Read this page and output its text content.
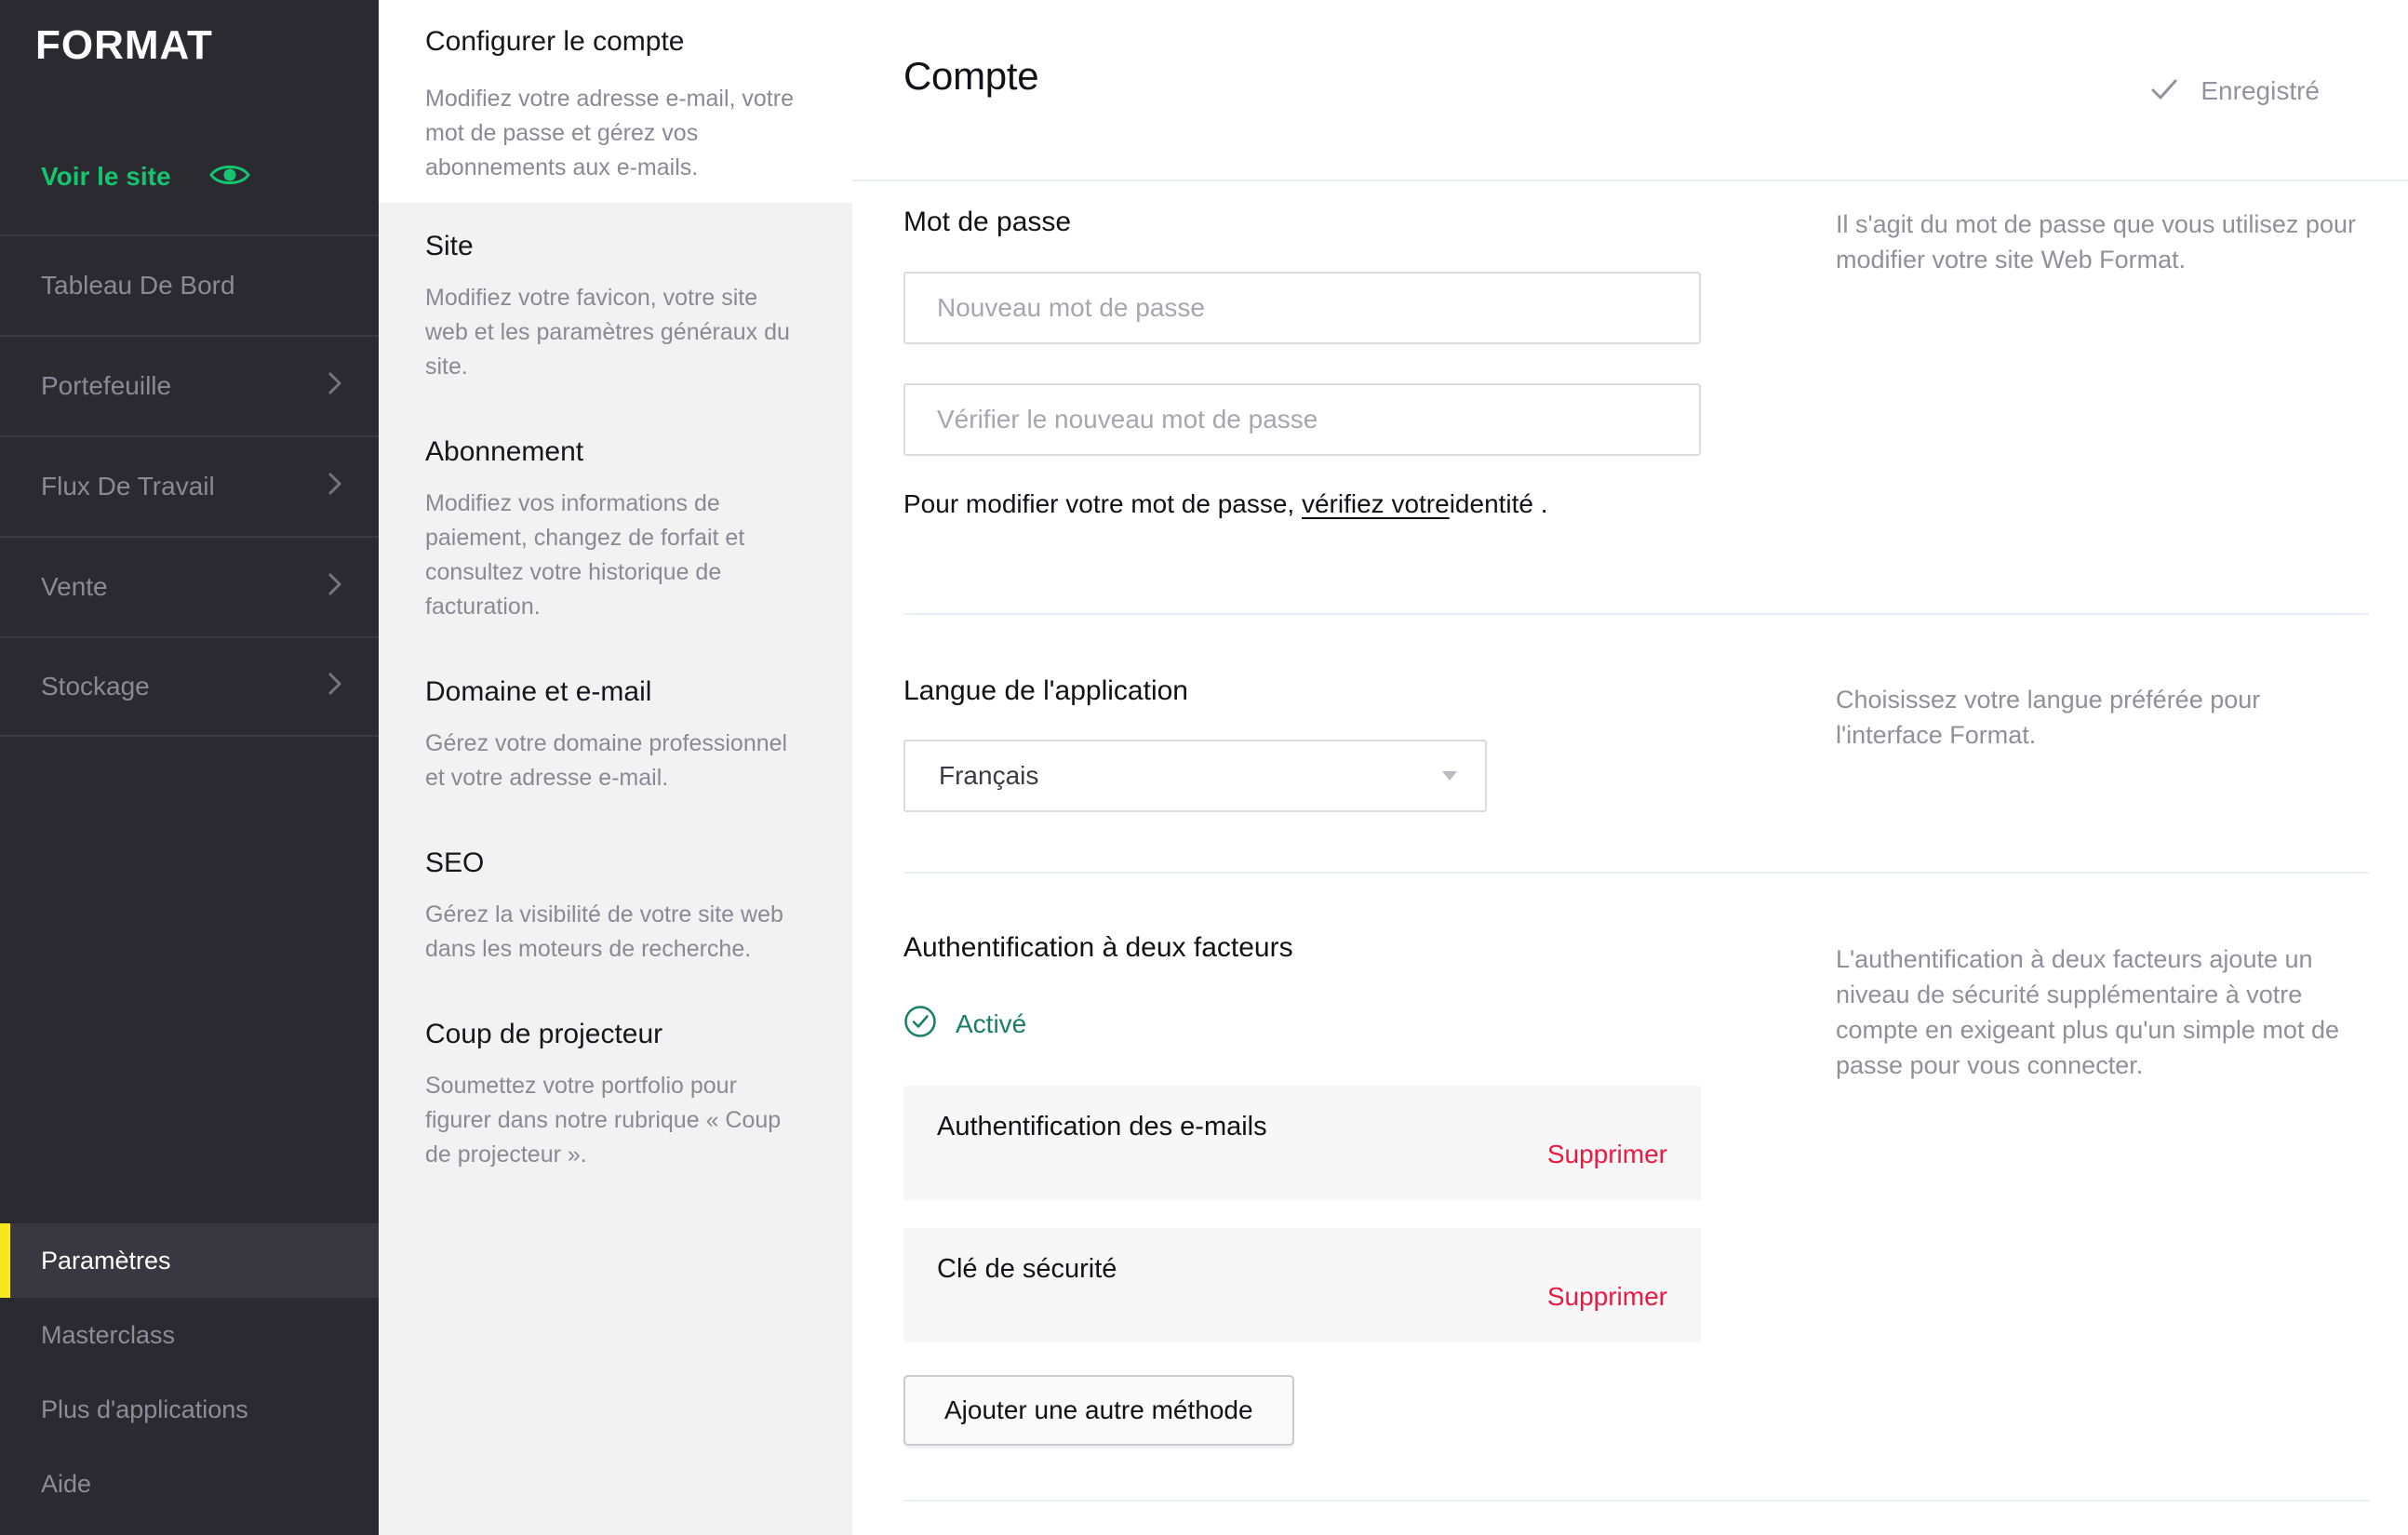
FORMAT
Voir le site
Tableau De Bord
Portefeuille
Flux De Travail
Vente
Stockage
Paramètres
Masterclass
Plus d'applications
Aide
Configurer le compte

Modifiez votre adresse e-mail, votre mot de passe et gérez vos abonnements aux e-mails.

Site

Modifiez votre favicon, votre site web et les paramètres généraux du site.

Abonnement

Modifiez vos informations de paiement, changez de forfait et consultez votre historique de facturation.

Domaine et e-mail

Gérez votre domaine professionnel et votre adresse e-mail.

SEO

Gérez la visibilité de votre site web dans les moteurs de recherche.

Coup de projecteur

Soumettez votre portfolio pour figurer dans notre rubrique « Coup de projecteur ».

Compte	Enregistré
Mot de passe
Nouveau mot de passe
Vérifier le nouveau mot de passe
Pour modifier votre mot de passe, vérifiez votreidentité .

Il s'agit du mot de passe que vous utilisez pour modifier votre site Web Format.

Langue de l'application
Français

Choisissez votre langue préférée pour l'interface Format.

Authentification à deux facteurs
Activé

L'authentification à deux facteurs ajoute un niveau de sécurité supplémentaire à votre compte en exigeant plus qu'un simple mot de passe pour vous connecter.

Authentification des e-mails
Supprimer
Clé de sécurité
Supprimer
Ajouter une autre méthode
